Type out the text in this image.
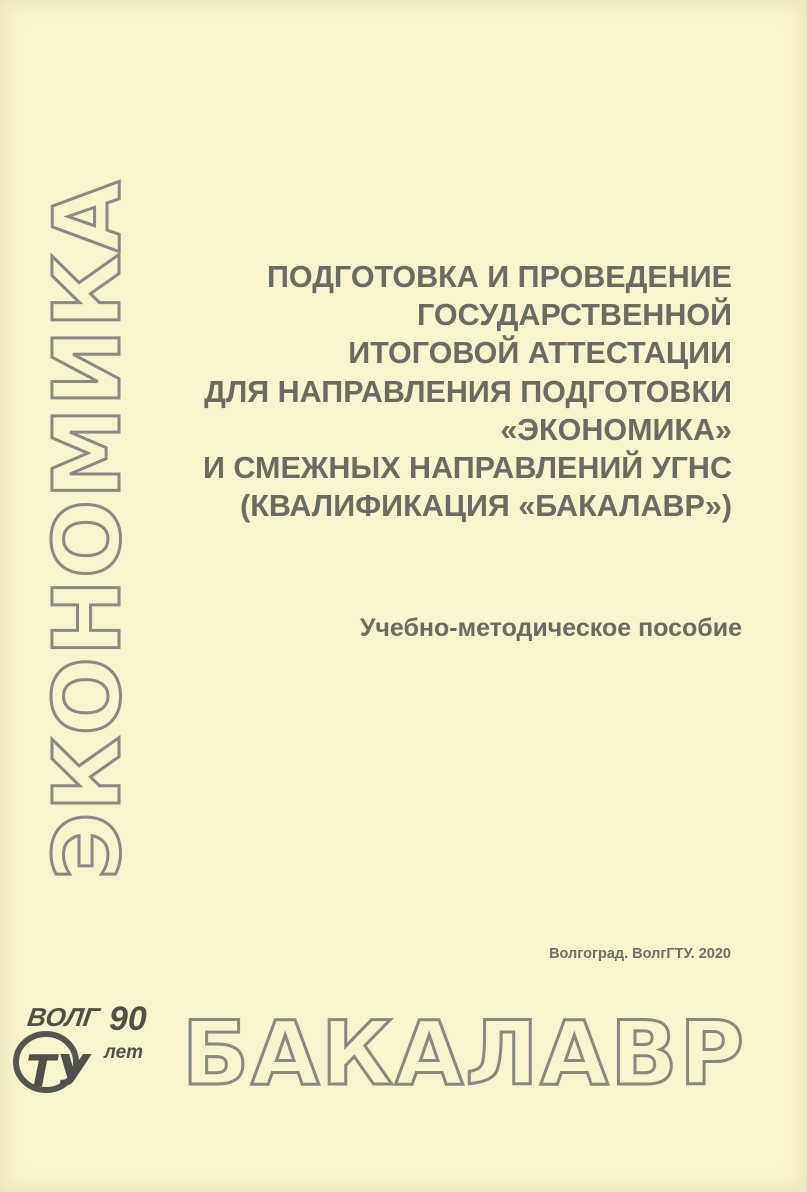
ЭКОНОМИКА	ПОДГОТОВКА И ПРОВЕДЕНИЕ
ГОСУДАРСТВЕННОЙ
ИТОГОВОЙ АТТЕСТАЦИИ
ДЛЯ НАПРАВЛЕНИЯ ПОДГОТОВКИ
«ЭКОНОМИКА»
И СМЕЖНЫХ НАПРАВЛЕНИЙ УГНС
(КВАЛИФИКАЦИЯ «БАКАЛАВР»)
Учебно-методическое пособие
Волгоград. ВолгГТУ. 2020
ВОЛГ 90
лет
ТУ БАКАЛАВР
